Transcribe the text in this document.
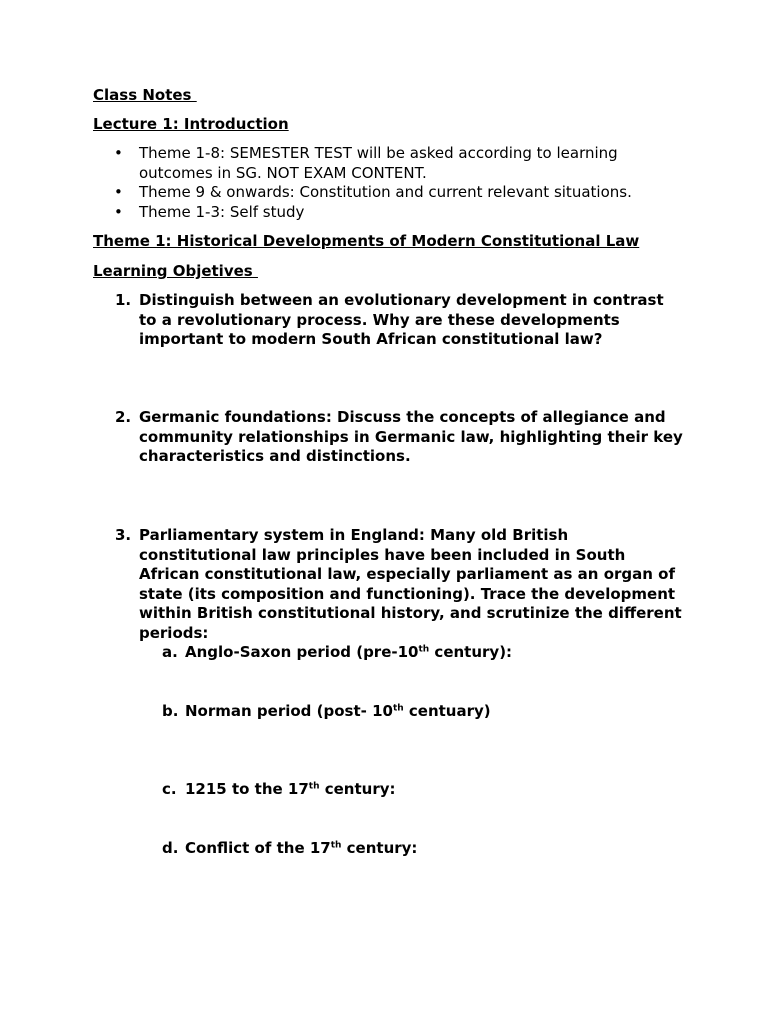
Class Notes
Lecture 1: Introduction
• Theme 1-8: SEMESTER TEST will be asked according to learning outcomes in SG. NOT EXAM CONTENT.
• Theme 9 & onwards: Constitution and current relevant situations.
• Theme 1-3: Self study
Theme 1: Historical Developments of Modern Constitutional Law
Learning Objetives
1. Distinguish between an evolutionary development in contrast to a revolutionary process. Why are these developments important to modern South African constitutional law?
2. Germanic foundations: Discuss the concepts of allegiance and community relationships in Germanic law, highlighting their key characteristics and distinctions.
3. Parliamentary system in England: Many old British constitutional law principles have been included in South African constitutional law, especially parliament as an organ of state (its composition and functioning). Trace the development within British constitutional history, and scrutinize the different periods:
a. Anglo-Saxon period (pre-10th century):
b. Norman period (post- 10th centuary)
c. 1215 to the 17th century:
d. Conflict of the 17th century:
